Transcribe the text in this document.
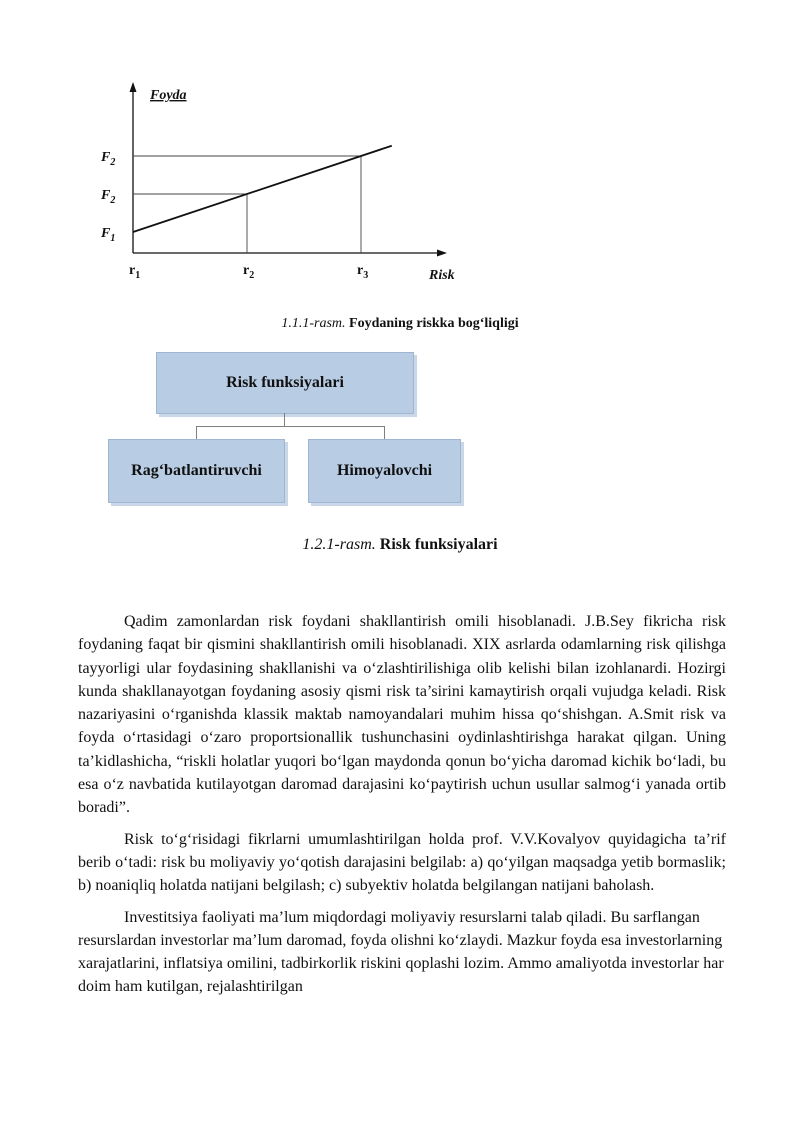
Foyda
Risk
$r_1$	$r_2$	$r_3$
$F_1$
$F_2$
$F_2$
1.1.1-rasm. Foydaning riskka bog‘liqligi
Risk funksiyalari
Rag‘batlantiruvchi	Himoyalovchi
1.2.1-rasm. Risk funksiyalari

Qadim zamonlardan risk foydani shakllantirish omili hisoblanadi. J.B.Sey fikricha risk foydaning faqat bir qismini shakllantirish omili hisoblanadi. XIX asrlarda odamlarning risk qilishga tayyorligi ular foydasining shakllanishi va o‘zlashtirilishiga olib kelishi bilan izohlanardi. Hozirgi kunda shakllanayotgan foydaning asosiy qismi risk ta’sirini kamaytirish orqali vujudga keladi. Risk nazariyasini o‘rganishda klassik maktab namoyandalari muhim hissa qo‘shishgan. A.Smit risk va foyda o‘rtasidagi o‘zaro proportsionallik tushunchasini oydinlashtirishga harakat qilgan. Uning ta’kidlashicha, “riskli holatlar yuqori bo‘lgan maydonda qonun bo‘yicha daromad kichik bo‘ladi, bu esa o‘z navbatida kutilayotgan daromad darajasini ko‘paytirish uchun usullar salmog‘i yanada ortib boradi”.

Risk to‘g‘risidagi fikrlarni umumlashtirilgan holda prof. V.V.Kovalyov quyidagicha ta’rif berib o‘tadi: risk bu moliyaviy yo‘qotish darajasini belgilab: a) qo‘yilgan maqsadga yetib bormaslik; b) noaniqliq holatda natijani belgilash; c) subyektiv holatda belgilangan natijani baholash.

Investitsiya faoliyati ma’lum miqdordagi moliyaviy resurslarni talab qiladi. Bu sarflangan resurslardan investorlar ma’lum daromad, foyda olishni ko‘zlaydi. Mazkur foyda esa investorlarning xarajatlarini, inflatsiya omilini, tadbirkorlik riskini qoplashi lozim. Ammo amaliyotda investorlar har doim ham kutilgan, rejalashtirilgan
